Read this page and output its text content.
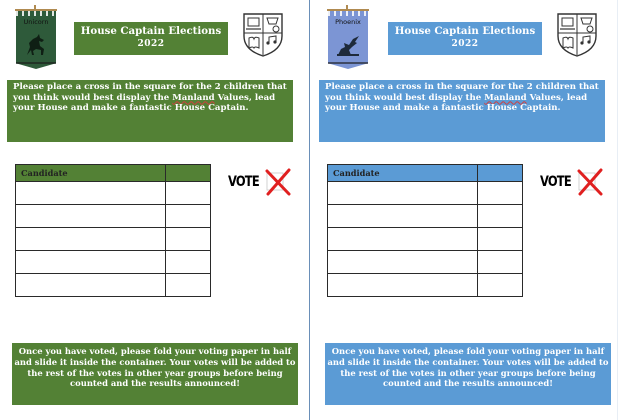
Unicorn
House Captain Elections
2022
Please place a cross in the square for the 2 children that you think would best display the Manland Values, lead your House and make a fantastic House Captain.
Candidate	

VOTE
Once you have voted, please fold your voting paper in half and slide it inside the container. Your votes will be added to the rest of the votes in other year groups before being counted and the results announced!
Phoenix
House Captain Elections
2022
Please place a cross in the square for the 2 children that you think would best display the Manland Values, lead your House and make a fantastic House Captain.
Candidate	

VOTE
Once you have voted, please fold your voting paper in half and slide it inside the container. Your votes will be added to the rest of the votes in other year groups before being counted and the results announced!
